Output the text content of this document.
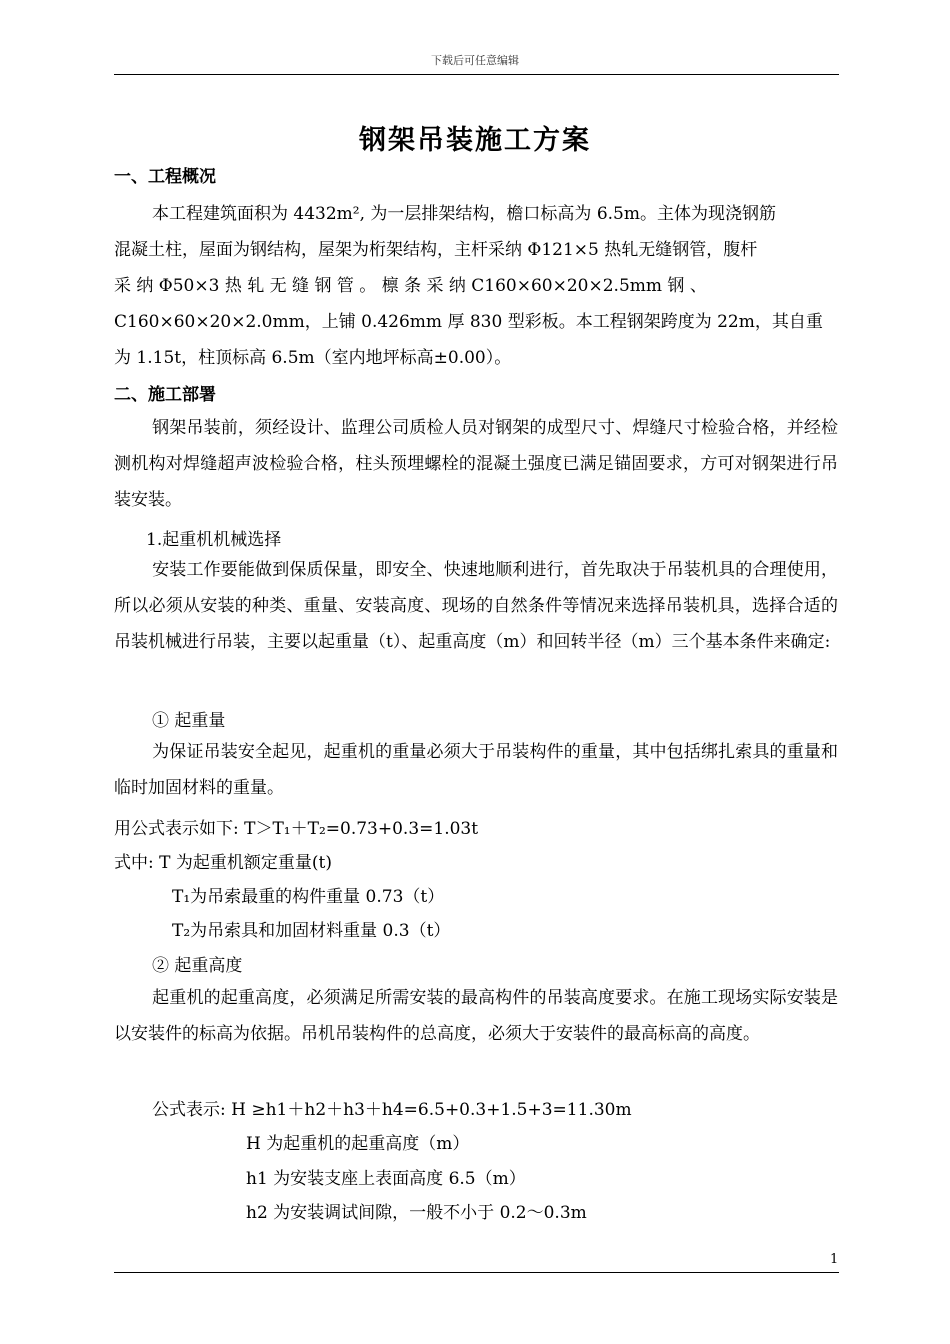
下载后可任意编辑
钢架吊装施工方案
一、工程概况
本工程建筑面积为 4432m², 为一层排架结构，檐口标高为 6.5m。主体为现浇钢筋
混凝土柱，屋面为钢结构，屋架为桁架结构，主杆采纳 Φ121×5 热轧无缝钢管，腹杆
采 纳 Φ50×3 热 轧 无 缝 钢 管 。 檩 条 采 纳 C160×60×20×2.5mm 钢 、
C160×60×20×2.0mm，上铺 0.426mm 厚 830 型彩板。本工程钢架跨度为 22m，其自重
为 1.15t，柱顶标高 6.5m（室内地坪标高±0.00）。
二、施工部署
钢架吊装前，须经设计、监理公司质检人员对钢架的成型尺寸、焊缝尺寸检验合格，并经检测机构对焊缝超声波检验合格，柱头预埋螺栓的混凝土强度已满足锚固要求，方可对钢架进行吊装安装。
1.起重机机械选择
安装工作要能做到保质保量，即安全、快速地顺利进行，首先取决于吊装机具的合理使用，所以必须从安装的种类、重量、安装高度、现场的自然条件等情况来选择吊装机具，选择合适的吊装机械进行吊装，主要以起重量（t）、起重高度（m）和回转半径（m）三个基本条件来确定:
① 起重量
为保证吊装安全起见，起重机的重量必须大于吊装构件的重量，其中包括绑扎索具的重量和临时加固材料的重量。
用公式表示如下: T＞T₁＋T₂=0.73+0.3=1.03t
式中: T 为起重机额定重量(t)
T₁为吊索最重的构件重量 0.73（t）
T₂为吊索具和加固材料重量 0.3（t）
② 起重高度
起重机的起重高度，必须满足所需安装的最高构件的吊装高度要求。在施工现场实际安装是以安装件的标高为依据。吊机吊装构件的总高度，必须大于安装件的最高标高的高度。
公式表示: H ≥h1＋h2＋h3＋h4=6.5+0.3+1.5+3=11.30m
H 为起重机的起重高度（m）
h1 为安装支座上表面高度 6.5（m）
h2 为安装调试间隙，一般不小于 0.2～0.3m
1
